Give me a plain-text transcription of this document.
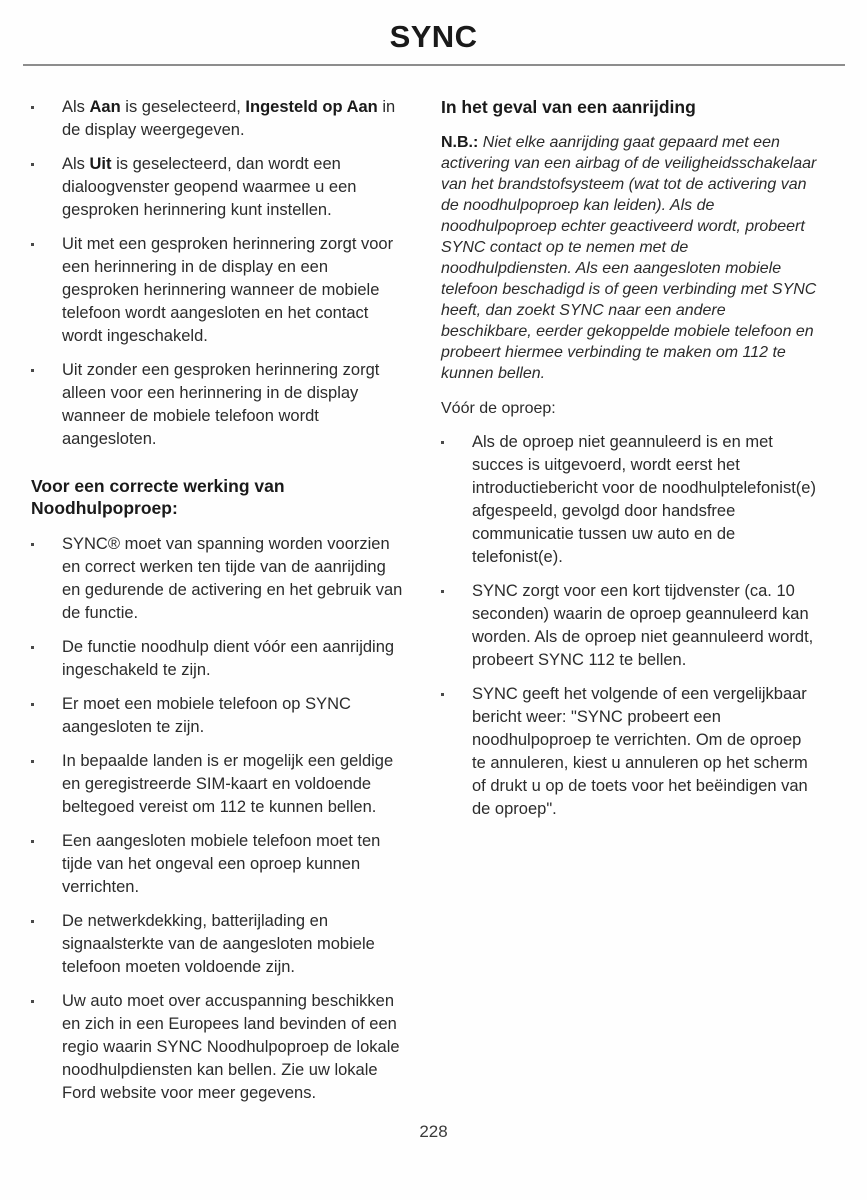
SYNC
Als Aan is geselecteerd, Ingesteld op Aan in de display weergegeven.
Als Uit is geselecteerd, dan wordt een dialoogvenster geopend waarmee u een gesproken herinnering kunt instellen.
Uit met een gesproken herinnering zorgt voor een herinnering in de display en een gesproken herinnering wanneer de mobiele telefoon wordt aangesloten en het contact wordt ingeschakeld.
Uit zonder een gesproken herinnering zorgt alleen voor een herinnering in de display wanneer de mobiele telefoon wordt aangesloten.
Voor een correcte werking van Noodhulpoproep:
SYNC® moet van spanning worden voorzien en correct werken ten tijde van de aanrijding en gedurende de activering en het gebruik van de functie.
De functie noodhulp dient vóór een aanrijding ingeschakeld te zijn.
Er moet een mobiele telefoon op SYNC aangesloten te zijn.
In bepaalde landen is er mogelijk een geldige en geregistreerde SIM-kaart en voldoende beltegoed vereist om 112 te kunnen bellen.
Een aangesloten mobiele telefoon moet ten tijde van het ongeval een oproep kunnen verrichten.
De netwerkdekking, batterijlading en signaalsterkte van de aangesloten mobiele telefoon moeten voldoende zijn.
Uw auto moet over accuspanning beschikken en zich in een Europees land bevinden of een regio waarin SYNC Noodhulpoproep de lokale noodhulpdiensten kan bellen. Zie uw lokale Ford website voor meer gegevens.
In het geval van een aanrijding

N.B.: Niet elke aanrijding gaat gepaard met een activering van een airbag of de veiligheidsschakelaar van het brandstofsysteem (wat tot de activering van de noodhulpoproep kan leiden). Als de noodhulpoproep echter geactiveerd wordt, probeert SYNC contact op te nemen met de noodhulpdiensten. Als een aangesloten mobiele telefoon beschadigd is of geen verbinding met SYNC heeft, dan zoekt SYNC naar een andere beschikbare, eerder gekoppelde mobiele telefoon en probeert hiermee verbinding te maken om 112 te kunnen bellen.

Vóór de oproep:

Als de oproep niet geannuleerd is en met succes is uitgevoerd, wordt eerst het introductiebericht voor de noodhulptelefonist(e) afgespeeld, gevolgd door handsfree communicatie tussen uw auto en de telefonist(e).
SYNC zorgt voor een kort tijdvenster (ca. 10 seconden) waarin de oproep geannuleerd kan worden. Als de oproep niet geannuleerd wordt, probeert SYNC 112 te bellen.
SYNC geeft het volgende of een vergelijkbaar bericht weer: "SYNC probeert een noodhulpoproep te verrichten. Om de oproep te annuleren, kiest u annuleren op het scherm of drukt u op de toets voor het beëindigen van de oproep".
228
